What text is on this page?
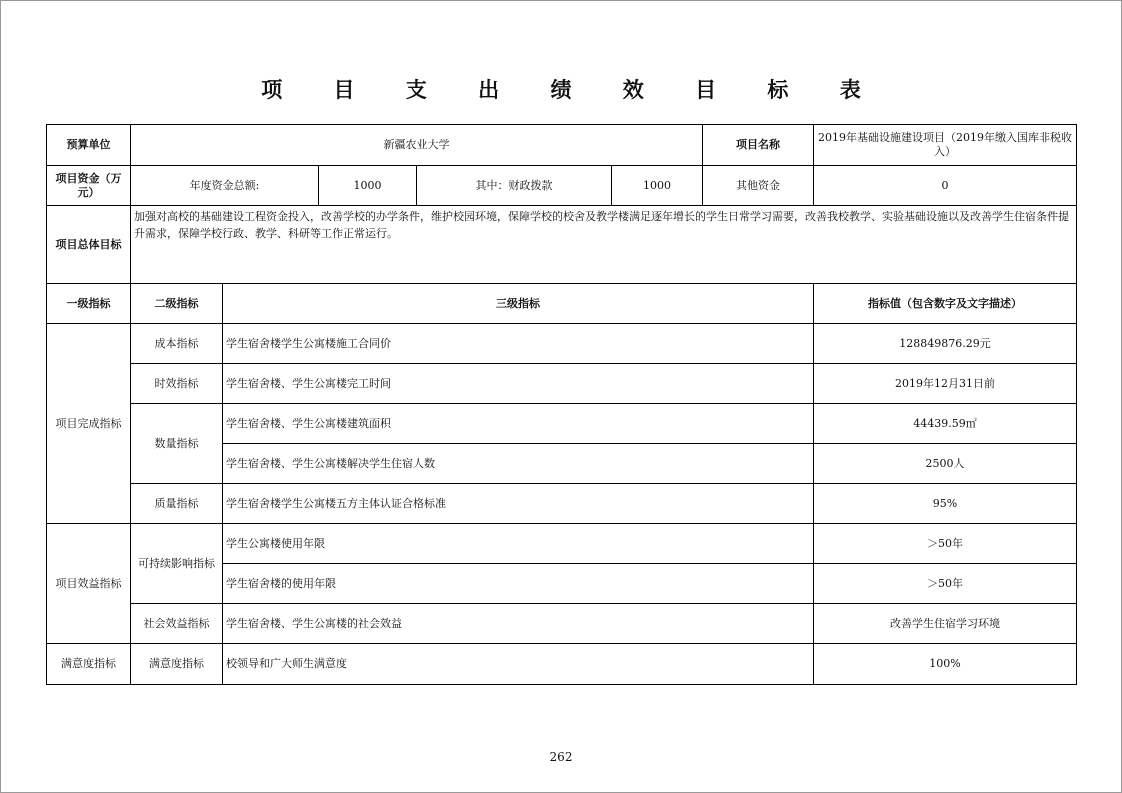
项 目 支 出 绩 效 目 标 表
预算单位	新疆农业大学					项目名称	2019年基础设施建设项目（2019年缴入国库非税收入）
项目资金（万元）	年度资金总额:		1000	其中：财政拨款	1000	其他资金	0
项目总体目标	加强对高校的基础建设工程资金投入，改善学校的办学条件，维护校园环境，保障学校的校舍及教学楼满足逐年增长的学生日常学习需要，改善我校教学、实验基础设施以及改善学生住宿条件提升需求，保障学校行政、教学、科研等工作正常运行。						
一级指标	二级指标	三级指标					指标值（包含数字及文字描述）
项目完成指标	成本指标	学生宿舍楼学生公寓楼施工合同价					128849876.29元
	时效指标	学生宿舍楼、学生公寓楼完工时间					2019年12月31日前
	数量指标	学生宿舍楼、学生公寓楼建筑面积					44439.59㎡
		学生宿舍楼、学生公寓楼解决学生住宿人数					2500人
	质量指标	学生宿舍楼学生公寓楼五方主体认证合格标准					95%
项目效益指标	可持续影响指标	学生公寓楼使用年限					＞50年
		学生宿舍楼的使用年限					＞50年
	社会效益指标	学生宿舍楼、学生公寓楼的社会效益					改善学生住宿学习环境
满意度指标	满意度指标	校领导和广大师生满意度					100%
262
